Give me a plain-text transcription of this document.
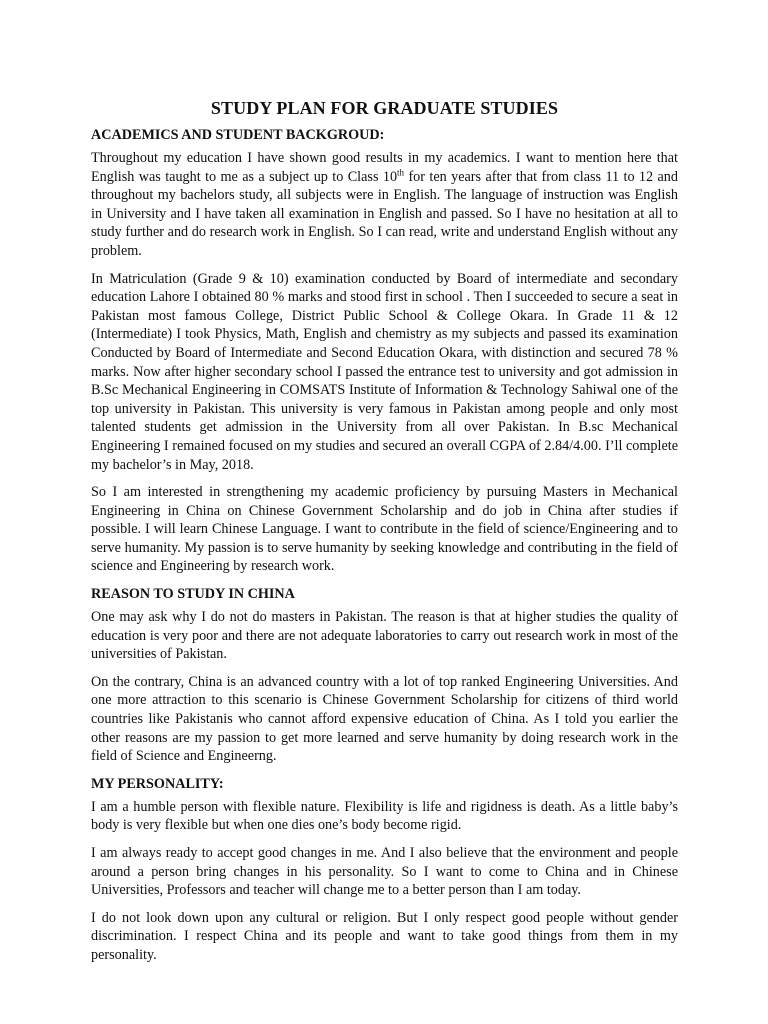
STUDY PLAN FOR GRADUATE STUDIES
ACADEMICS AND STUDENT BACKGROUD:

Throughout my education I have shown good results in my academics. I want to mention here that English was taught to me as a subject up to Class 10th for ten years after that from class 11 to 12 and throughout my bachelors study, all subjects were in English. The language of instruction was English in University and I have taken all examination in English and passed. So I have no hesitation at all to study further and do research work in English. So I can read, write and understand English without any problem.

In Matriculation (Grade 9 & 10) examination conducted by Board of intermediate and secondary education Lahore I obtained 80 % marks and stood first in school . Then I succeeded to secure a seat in Pakistan most famous College, District Public School & College Okara. In Grade 11 & 12 (Intermediate) I took Physics, Math, English and chemistry as my subjects and passed its examination Conducted by Board of Intermediate and Second Education Okara, with distinction and secured 78 % marks. Now after higher secondary school I passed the entrance test to university and got admission in B.Sc Mechanical Engineering in COMSATS Institute of Information & Technology Sahiwal one of the top university in Pakistan. This university is very famous in Pakistan among people and only most talented students get admission in the University from all over Pakistan. In B.sc Mechanical Engineering I remained focused on my studies and secured an overall CGPA of 2.84/4.00. I’ll complete my bachelor’s in May, 2018.

So I am interested in strengthening my academic proficiency by pursuing Masters in Mechanical Engineering in China on Chinese Government Scholarship and do job in China after studies if possible. I will learn Chinese Language. I want to contribute in the field of science/Engineering and to serve humanity. My passion is to serve humanity by seeking knowledge and contributing in the field of science and Engineering by research work.

REASON TO STUDY IN CHINA

One may ask why I do not do masters in Pakistan. The reason is that at higher studies the quality of education is very poor and there are not adequate laboratories to carry out research work in most of the universities of Pakistan.

On the contrary, China is an advanced country with a lot of top ranked Engineering Universities. And one more attraction to this scenario is Chinese Government Scholarship for citizens of third world countries like Pakistanis who cannot afford expensive education of China. As I told you earlier the other reasons are my passion to get more learned and serve humanity by doing research work in the field of Science and Engineerng.

MY PERSONALITY:

I am a humble person with flexible nature. Flexibility is life and rigidness is death. As a little baby’s body is very flexible but when one dies one’s body become rigid.

I am always ready to accept good changes in me. And I also believe that the environment and people around a person bring changes in his personality. So I want to come to China and in Chinese Universities, Professors and teacher will change me to a better person than I am today.

I do not look down upon any cultural or religion. But I only respect good people without gender discrimination. I respect China and its people and want to take good things from them in my personality.
